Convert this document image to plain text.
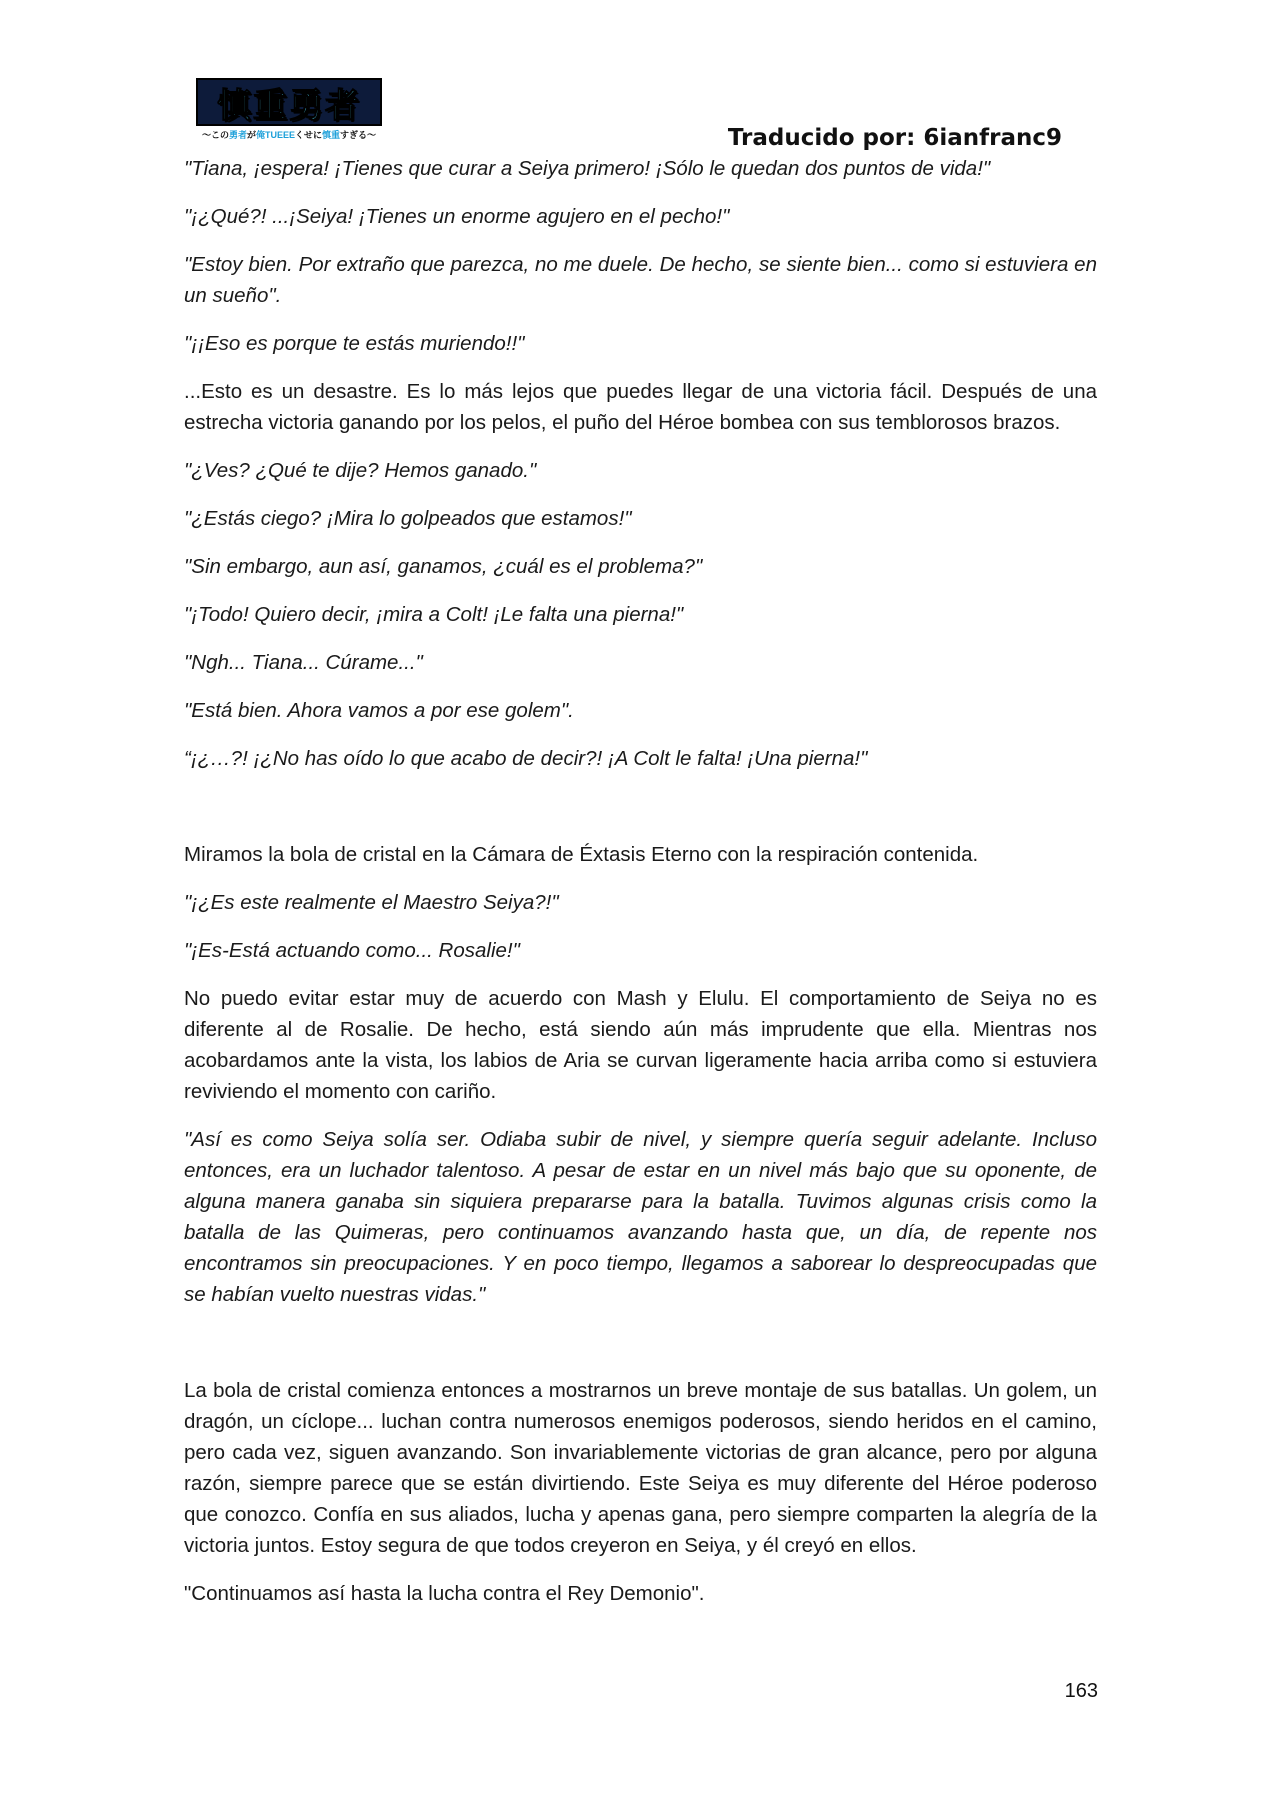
慎重勇者
〜この勇者が俺TUEEEくせに慎重すぎる〜	Traducido por: 6ianfranc9

"Tiana, ¡espera! ¡Tienes que curar a Seiya primero! ¡Sólo le quedan dos puntos de vida!"

"¡¿Qué?! ...¡Seiya! ¡Tienes un enorme agujero en el pecho!"

"Estoy bien. Por extraño que parezca, no me duele. De hecho, se siente bien... como si estuviera en un sueño".

"¡¡Eso es porque te estás muriendo!!"

...Esto es un desastre. Es lo más lejos que puedes llegar de una victoria fácil. Después de una estrecha victoria ganando por los pelos, el puño del Héroe bombea con sus temblorosos brazos.

"¿Ves? ¿Qué te dije? Hemos ganado."

"¿Estás ciego? ¡Mira lo golpeados que estamos!"

"Sin embargo, aun así, ganamos, ¿cuál es el problema?"

"¡Todo! Quiero decir, ¡mira a Colt! ¡Le falta una pierna!"

"Ngh... Tiana... Cúrame..."

"Está bien. Ahora vamos a por ese golem".

“¡¿…?! ¡¿No has oído lo que acabo de decir?! ¡A Colt le falta! ¡Una pierna!"

Miramos la bola de cristal en la Cámara de Éxtasis Eterno con la respiración contenida.

"¡¿Es este realmente el Maestro Seiya?!"

"¡Es-Está actuando como... Rosalie!"

No puedo evitar estar muy de acuerdo con Mash y Elulu. El comportamiento de Seiya no es diferente al de Rosalie. De hecho, está siendo aún más imprudente que ella. Mientras nos acobardamos ante la vista, los labios de Aria se curvan ligeramente hacia arriba como si estuviera reviviendo el momento con cariño.

"Así es como Seiya solía ser. Odiaba subir de nivel, y siempre quería seguir adelante. Incluso entonces, era un luchador talentoso. A pesar de estar en un nivel más bajo que su oponente, de alguna manera ganaba sin siquiera prepararse para la batalla. Tuvimos algunas crisis como la batalla de las Quimeras, pero continuamos avanzando hasta que, un día, de repente nos encontramos sin preocupaciones. Y en poco tiempo, llegamos a saborear lo despreocupadas que se habían vuelto nuestras vidas."

La bola de cristal comienza entonces a mostrarnos un breve montaje de sus batallas. Un golem, un dragón, un cíclope... luchan contra numerosos enemigos poderosos, siendo heridos en el camino, pero cada vez, siguen avanzando. Son invariablemente victorias de gran alcance, pero por alguna razón, siempre parece que se están divirtiendo. Este Seiya es muy diferente del Héroe poderoso que conozco. Confía en sus aliados, lucha y apenas gana, pero siempre comparten la alegría de la victoria juntos. Estoy segura de que todos creyeron en Seiya, y él creyó en ellos.

"Continuamos así hasta la lucha contra el Rey Demonio".

163
